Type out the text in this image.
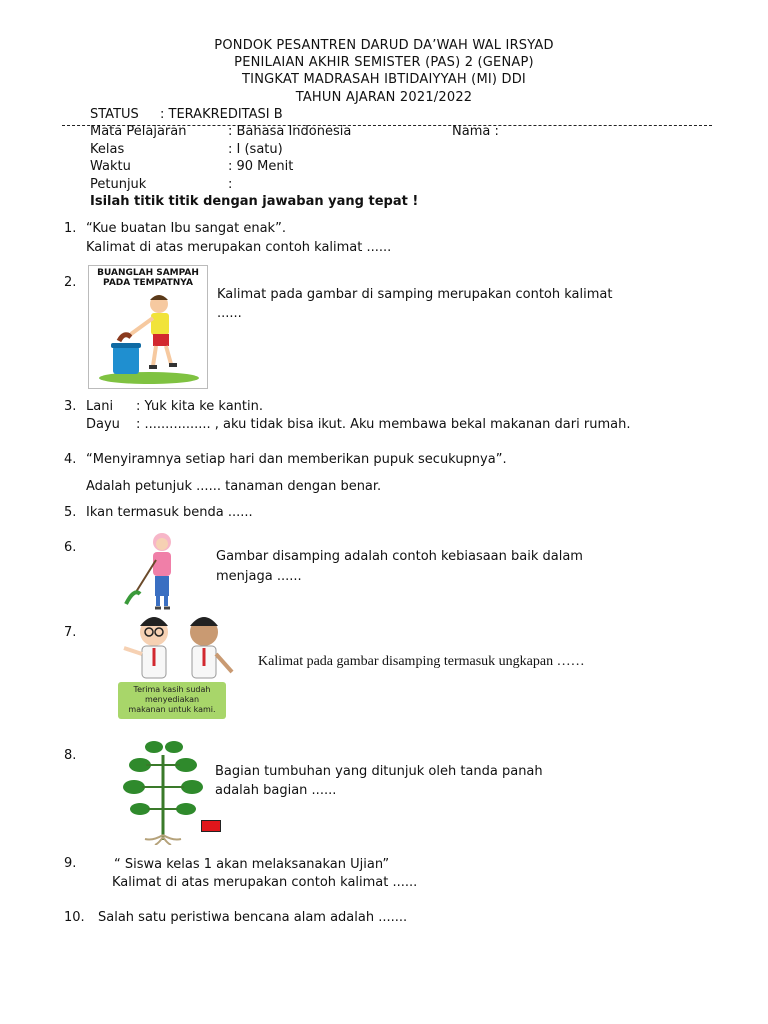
PONDOK PESANTREN DARUD DA’WAH WAL IRSYAD
PENILAIAN AKHIR SEMISTER (PAS) 2 (GENAP)
TINGKAT MADRASAH IBTIDAIYYAH (MI) DDI
TAHUN AJARAN 2021/2022
STATUS : TERAKREDITASI B
Mata Pelajaran	: Bahasa Indonesia	Nama :
Kelas	: I (satu)
Waktu	: 90 Menit
Petunjuk	:
Isilah titik titik dengan jawaban yang tepat !
1. “Kue buatan Ibu sangat enak”.
Kalimat di atas merupakan contoh kalimat ......
2.
BUANGLAH SAMPAH
PADA TEMPATNYA
Kalimat pada gambar di samping merupakan contoh kalimat
......
3. Lani : Yuk kita ke kantin.
Dayu : ................ , aku tidak bisa ikut. Aku membawa bekal makanan dari rumah.
4. “Menyiramnya setiap hari dan memberikan pupuk secukupnya”.
Adalah petunjuk ...... tanaman dengan benar.
5. Ikan termasuk benda ......
6.
Gambar disamping adalah contoh kebiasaan baik dalam
menjaga ......
7.
Terima kasih sudah
menyediakan
makanan untuk kami.
Kalimat pada gambar disamping termasuk ungkapan ……
8.
Bagian tumbuhan yang ditunjuk oleh tanda panah
adalah bagian ......
9.	“ Siswa kelas 1 akan melaksanakan Ujian”
Kalimat di atas merupakan contoh kalimat ......
10. Salah satu peristiwa bencana alam adalah .......
